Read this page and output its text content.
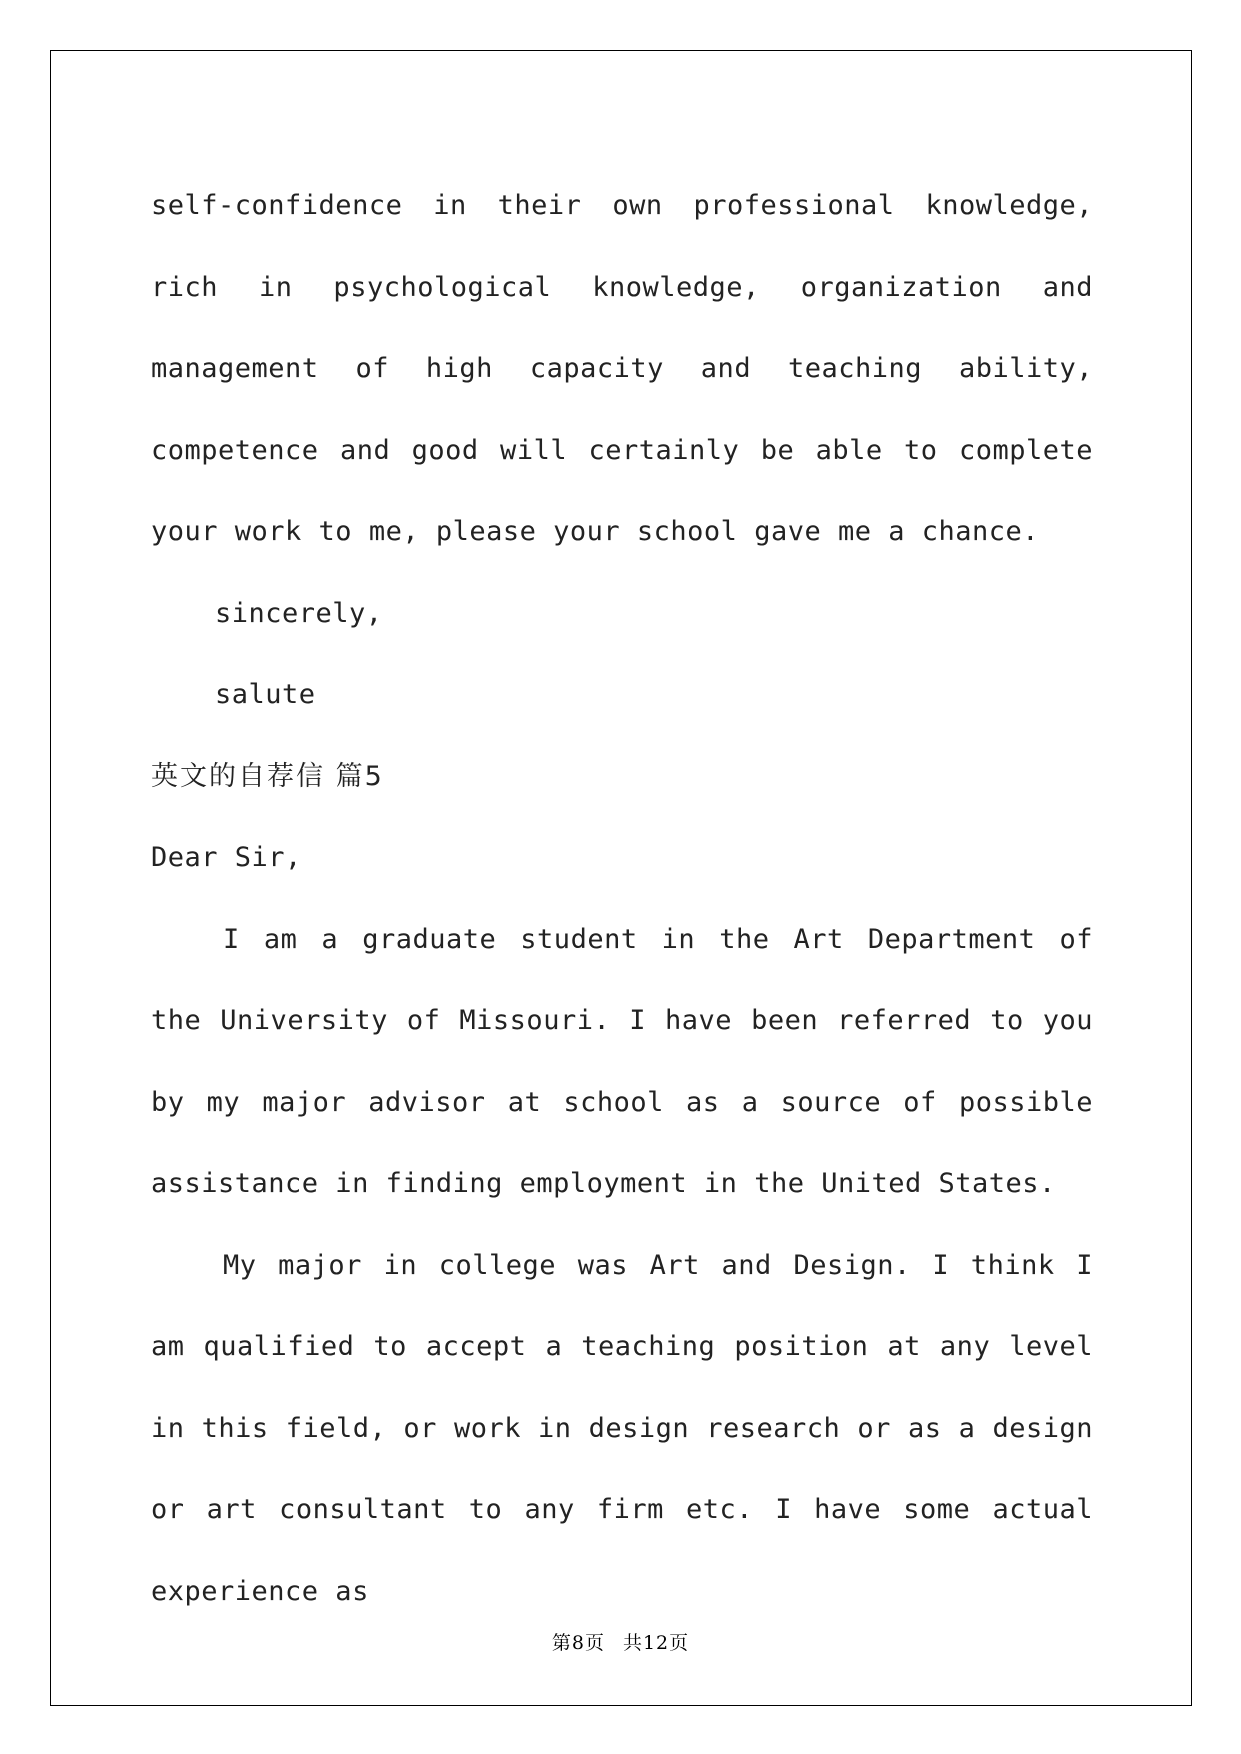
self-confidence in their own professional knowledge, rich in psychological knowledge, organization and management of high capacity and teaching ability, competence and good will certainly be able to complete your work to me, please your school gave me a chance.

sincerely,

salute

英文的自荐信 篇5

Dear Sir,

I am a graduate student in the Art Department of the University of Missouri. I have been referred to you by my major advisor at school as a source of possible assistance in finding employment in the United States.

My major in college was Art and Design. I think I am qualified to accept a teaching position at any level in this field, or work in design research or as a design or art consultant to any firm etc. I have some actual experience as

第8页 共12页
